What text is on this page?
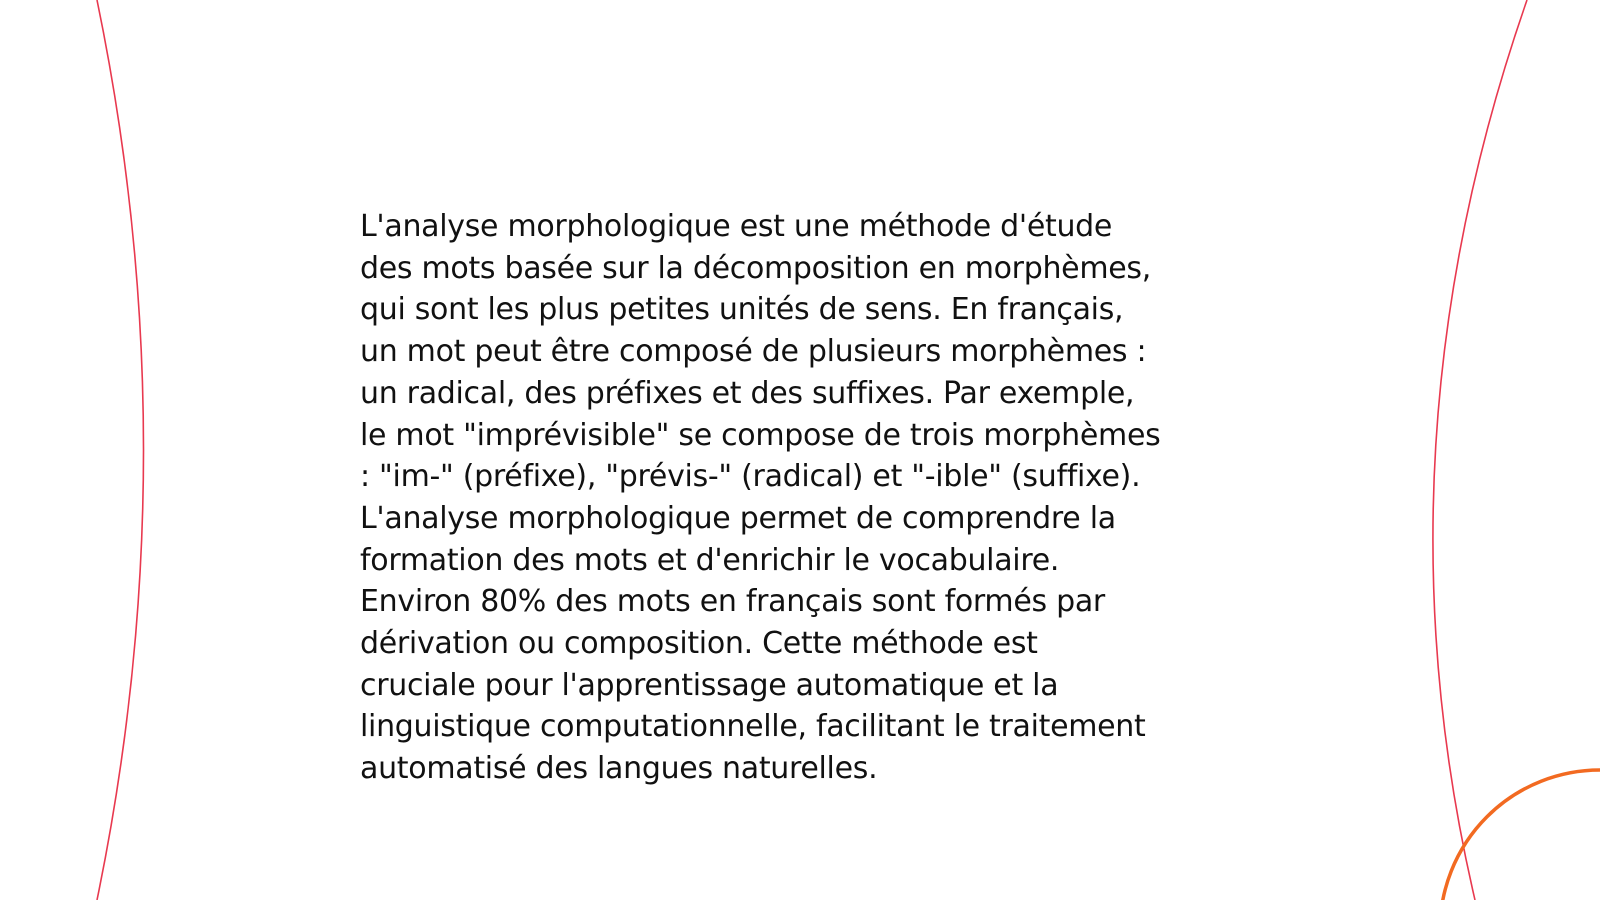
L'analyse morphologique est une méthode d'étude
des mots basée sur la décomposition en morphèmes,
qui sont les plus petites unités de sens. En français,
un mot peut être composé de plusieurs morphèmes :
un radical, des préfixes et des suffixes. Par exemple,
le mot "imprévisible" se compose de trois morphèmes
: "im-" (préfixe), "prévis-" (radical) et "-ible" (suffixe).
L'analyse morphologique permet de comprendre la
formation des mots et d'enrichir le vocabulaire.
Environ 80% des mots en français sont formés par
dérivation ou composition. Cette méthode est
cruciale pour l'apprentissage automatique et la
linguistique computationnelle, facilitant le traitement
automatisé des langues naturelles.
